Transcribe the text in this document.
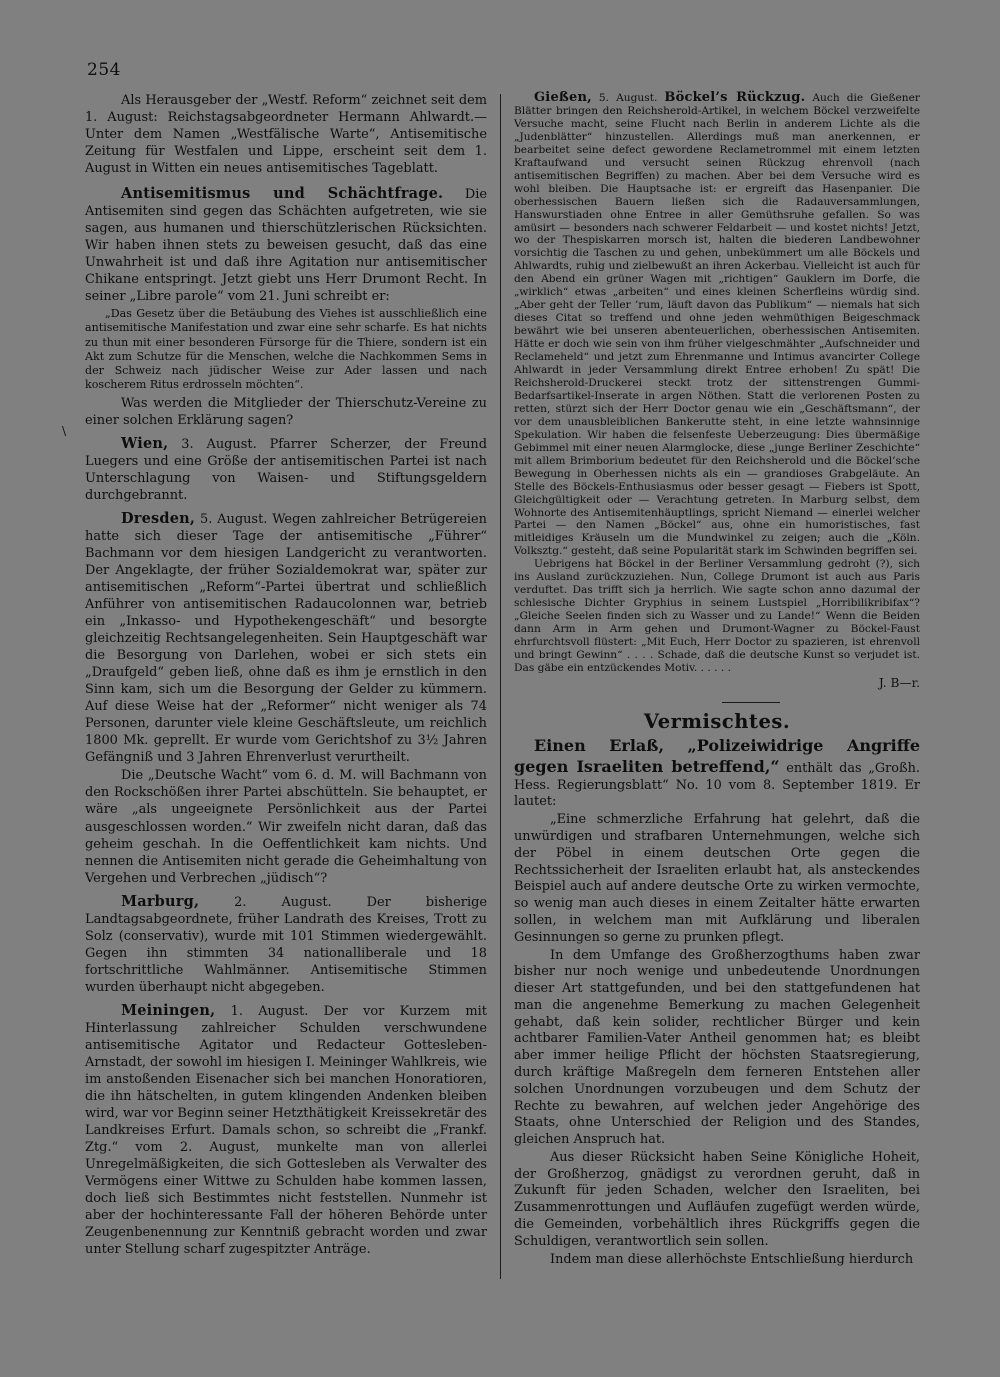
254
\

Als Herausgeber der „Westf. Reform“ zeichnet seit dem 1. August: Reichstagsabgeordneter Hermann Ahlwardt.— Unter dem Namen „Westfälische Warte“, Antisemitische Zeitung für Westfalen und Lippe, erscheint seit dem 1. August in Witten ein neues antisemitisches Tageblatt.

Antisemitismus und Schächtfrage. Die Antisemiten sind gegen das Schächten aufgetreten, wie sie sagen, aus humanen und thierschützlerischen Rücksichten. Wir haben ihnen stets zu beweisen gesucht, daß das eine Unwahrheit ist und daß ihre Agitation nur antisemitischer Chikane entspringt. Jetzt giebt uns Herr Drumont Recht. In seiner „Libre parole“ vom 21. Juni schreibt er:

„Das Gesetz über die Betäubung des Viehes ist ausschließlich eine antisemitische Manifestation und zwar eine sehr scharfe. Es hat nichts zu thun mit einer besonderen Fürsorge für die Thiere, sondern ist ein Akt zum Schutze für die Menschen, welche die Nachkommen Sems in der Schweiz nach jüdischer Weise zur Ader lassen und nach koscherem Ritus erdrosseln möchten“.

Was werden die Mitglieder der Thierschutz-Vereine zu einer solchen Erklärung sagen?

Wien, 3. August. Pfarrer Scherzer, der Freund Luegers und eine Größe der antisemitischen Partei ist nach Unterschlagung von Waisen- und Stiftungsgeldern durchgebrannt.

Dresden, 5. August. Wegen zahlreicher Betrügereien hatte sich dieser Tage der antisemitische „Führer“ Bachmann vor dem hiesigen Landgericht zu verantworten. Der Angeklagte, der früher Sozialdemokrat war, später zur antisemitischen „Reform“-Partei übertrat und schließlich Anführer von antisemitischen Radaucolonnen war, betrieb ein „Inkasso- und Hypothekengeschäft“ und besorgte gleichzeitig Rechtsangelegenheiten. Sein Hauptgeschäft war die Besorgung von Darlehen, wobei er sich stets ein „Draufgeld“ geben ließ, ohne daß es ihm je ernstlich in den Sinn kam, sich um die Besorgung der Gelder zu kümmern. Auf diese Weise hat der „Reformer“ nicht weniger als 74 Personen, darunter viele kleine Geschäftsleute, um reichlich 1800 Mk. geprellt. Er wurde vom Gerichtshof zu 3½ Jahren Gefängniß und 3 Jahren Ehrenverlust verurtheilt.

Die „Deutsche Wacht“ vom 6. d. M. will Bachmann von den Rockschößen ihrer Partei abschütteln. Sie behauptet, er wäre „als ungeeignete Persönlichkeit aus der Partei ausgeschlossen worden.“ Wir zweifeln nicht daran, daß das geheim geschah. In die Oeffentlichkeit kam nichts. Und nennen die Antisemiten nicht gerade die Geheimhaltung von Vergehen und Verbrechen „jüdisch“?

Marburg, 2. August. Der bisherige Landtagsabgeordnete, früher Landrath des Kreises, Trott zu Solz (conservativ), wurde mit 101 Stimmen wiedergewählt. Gegen ihn stimmten 34 nationalliberale und 18 fortschrittliche Wahlmänner. Antisemitische Stimmen wurden überhaupt nicht abgegeben.

Meiningen, 1. August. Der vor Kurzem mit Hinterlassung zahlreicher Schulden verschwundene antisemitische Agitator und Redacteur Gottesleben-Arnstadt, der sowohl im hiesigen I. Meininger Wahlkreis, wie im anstoßenden Eisenacher sich bei manchen Honoratioren, die ihn hätschelten, in gutem klingenden Andenken bleiben wird, war vor Beginn seiner Hetzthätigkeit Kreissekretär des Landkreises Erfurt. Damals schon, so schreibt die „Frankf. Ztg.“ vom 2. August, munkelte man von allerlei Unregelmäßigkeiten, die sich Gottesleben als Verwalter des Vermögens einer Wittwe zu Schulden habe kommen lassen, doch ließ sich Bestimmtes nicht feststellen. Nunmehr ist aber der hochinteressante Fall der höheren Behörde unter Zeugenbenennung zur Kenntniß gebracht worden und zwar unter Stellung scharf zugespitzter Anträge.

Gießen, 5. August. Böckel’s Rückzug. Auch die Gießener Blätter bringen den Reichsherold-Artikel, in welchem Böckel verzweifelte Versuche macht, seine Flucht nach Berlin in anderem Lichte als die „Judenblätter“ hinzustellen. Allerdings muß man anerkennen, er bearbeitet seine defect gewordene Reclametrommel mit einem letzten Kraftaufwand und versucht seinen Rückzug ehrenvoll (nach antisemitischen Begriffen) zu machen. Aber bei dem Versuche wird es wohl bleiben. Die Hauptsache ist: er ergreift das Hasenpanier. Die oberhessischen Bauern ließen sich die Radauversammlungen, Hanswurstiaden ohne Entree in aller Gemüthsruhe gefallen. So was amüsirt — besonders nach schwerer Feldarbeit — und kostet nichts! Jetzt, wo der Thespiskarren morsch ist, halten die biederen Landbewohner vorsichtig die Taschen zu und gehen, unbekümmert um alle Böckels und Ahlwardts, ruhig und zielbewußt an ihren Ackerbau. Vielleicht ist auch für den Abend ein grüner Wagen mit „richtigen“ Gauklern im Dorfe, die „wirklich“ etwas „arbeiten“ und eines kleinen Scherfleins würdig sind. „Aber geht der Teller ’rum, läuft davon das Publikum“ — niemals hat sich dieses Citat so treffend und ohne jeden wehmüthigen Beigeschmack bewährt wie bei unseren abenteuerlichen, oberhessischen Antisemiten. Hätte er doch wie sein von ihm früher vielgeschmähter „Aufschneider und Reclameheld“ und jetzt zum Ehrenmanne und Intimus avancirter College Ahlwardt in jeder Versammlung direkt Entree erhoben! Zu spät! Die Reichsherold-Druckerei steckt trotz der sittenstrengen Gummi-Bedarfsartikel-Inserate in argen Nöthen. Statt die verlorenen Posten zu retten, stürzt sich der Herr Doctor genau wie ein „Geschäftsmann“, der vor dem unausbleiblichen Bankerutte steht, in eine letzte wahnsinnige Spekulation. Wir haben die felsenfeste Ueberzeugung: Dies übermäßige Gebimmel mit einer neuen Alarmglocke, diese „junge Berliner Zeschichte“ mit allem Brimborium bedeutet für den Reichsherold und die Böckel’sche Bewegung in Oberhessen nichts als ein — grandioses Grabgeläute. An Stelle des Böckels-Enthusiasmus oder besser gesagt — Fiebers ist Spott, Gleichgültigkeit oder — Verachtung getreten. In Marburg selbst, dem Wohnorte des Antisemitenhäuptlings, spricht Niemand — einerlei welcher Partei — den Namen „Böckel“ aus, ohne ein humoristisches, fast mitleidiges Kräuseln um die Mundwinkel zu zeigen; auch die „Köln. Volksztg.“ gesteht, daß seine Popularität stark im Schwinden begriffen sei.

Uebrigens hat Böckel in der Berliner Versammlung gedroht (?), sich ins Ausland zurückzuziehen. Nun, College Drumont ist auch aus Paris verduftet. Das trifft sich ja herrlich. Wie sagte schon anno dazumal der schlesische Dichter Gryphius in seinem Lustspiel „Horribilikribifax“? „Gleiche Seelen finden sich zu Wasser und zu Lande!“ Wenn die Beiden dann Arm in Arm gehen und Drumont-Wagner zu Böckel-Faust ehrfurchtsvoll flüstert: „Mit Euch, Herr Doctor zu spazieren, ist ehrenvoll und bringt Gewinn“ . . . . Schade, daß die deutsche Kunst so verjudet ist. Das gäbe ein entzückendes Motiv. . . . . .

J. B—r.

Vermischtes.

Einen Erlaß, „Polizeiwidrige Angriffe gegen Israeliten betreffend,“ enthält das „Großh. Hess. Regierungsblatt“ No. 10 vom 8. September 1819. Er lautet:

„Eine schmerzliche Erfahrung hat gelehrt, daß die unwürdigen und strafbaren Unternehmungen, welche sich der Pöbel in einem deutschen Orte gegen die Rechtssicherheit der Israeliten erlaubt hat, als ansteckendes Beispiel auch auf andere deutsche Orte zu wirken vermochte, so wenig man auch dieses in einem Zeitalter hätte erwarten sollen, in welchem man mit Aufklärung und liberalen Gesinnungen so gerne zu prunken pflegt.

In dem Umfange des Großherzogthums haben zwar bisher nur noch wenige und unbedeutende Unordnungen dieser Art stattgefunden, und bei den stattgefundenen hat man die angenehme Bemerkung zu machen Gelegenheit gehabt, daß kein solider, rechtlicher Bürger und kein achtbarer Familien-Vater Antheil genommen hat; es bleibt aber immer heilige Pflicht der höchsten Staatsregierung, durch kräftige Maßregeln dem ferneren Entstehen aller solchen Unordnungen vorzubeugen und dem Schutz der Rechte zu bewahren, auf welchen jeder Angehörige des Staats, ohne Unterschied der Religion und des Standes, gleichen Anspruch hat.

Aus dieser Rücksicht haben Seine Königliche Hoheit, der Großherzog, gnädigst zu verordnen geruht, daß in Zukunft für jeden Schaden, welcher den Israeliten, bei Zusammenrottungen und Aufläufen zugefügt werden würde, die Gemeinden, vorbehältlich ihres Rückgriffs gegen die Schuldigen, verantwortlich sein sollen.

Indem man diese allerhöchste Entschließung hierdurch
